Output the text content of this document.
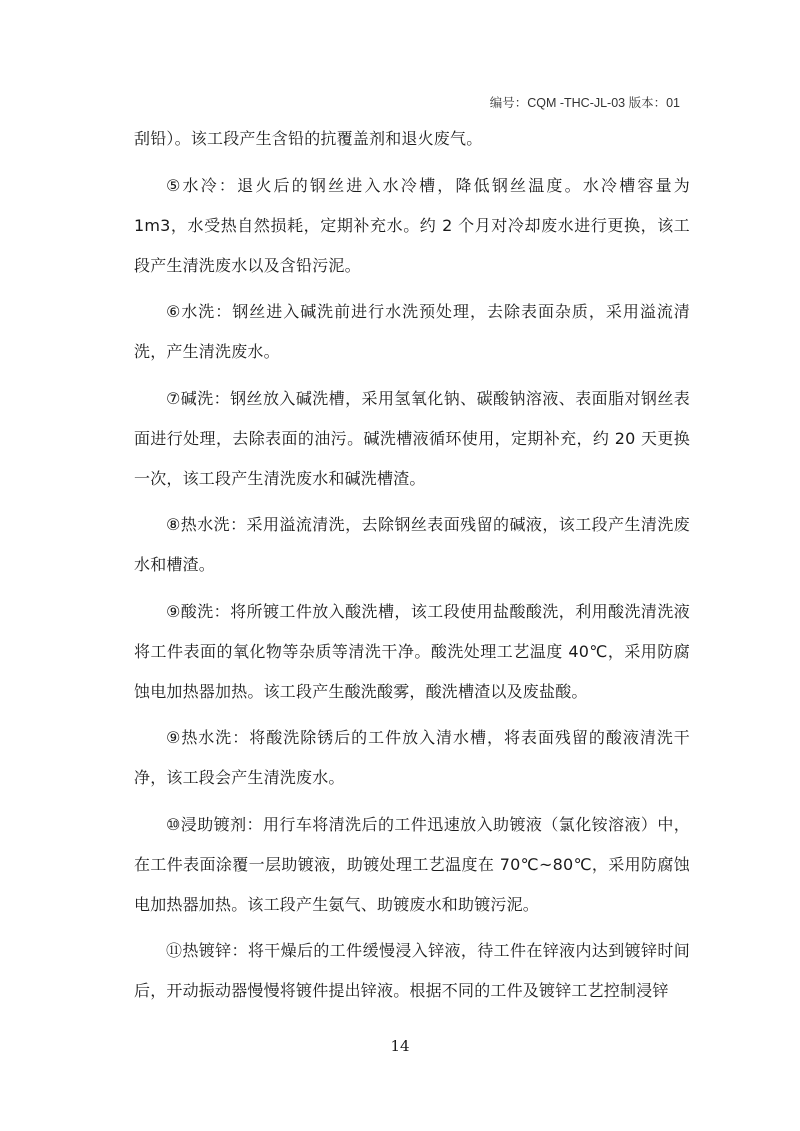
编号：CQM -THC-JL-03 版本：01

刮铅）。该工段产生含铅的抗覆盖剂和退火废气。

⑤水冷：退火后的钢丝进入水冷槽，降低钢丝温度。水冷槽容量为 1m3，水受热自然损耗，定期补充水。约 2 个月对冷却废水进行更换，该工段产生清洗废水以及含铅污泥。

⑥水洗：钢丝进入碱洗前进行水洗预处理，去除表面杂质，采用溢流清洗，产生清洗废水。

⑦碱洗：钢丝放入碱洗槽，采用氢氧化钠、碳酸钠溶液、表面脂对钢丝表面进行处理，去除表面的油污。碱洗槽液循环使用，定期补充，约 20 天更换一次，该工段产生清洗废水和碱洗槽渣。

⑧热水洗：采用溢流清洗，去除钢丝表面残留的碱液，该工段产生清洗废水和槽渣。

⑨酸洗：将所镀工件放入酸洗槽，该工段使用盐酸酸洗，利用酸洗清洗液将工件表面的氧化物等杂质等清洗干净。酸洗处理工艺温度 40℃，采用防腐蚀电加热器加热。该工段产生酸洗酸雾，酸洗槽渣以及废盐酸。

⑨热水洗：将酸洗除锈后的工件放入清水槽，将表面残留的酸液清洗干净，该工段会产生清洗废水。

⑩浸助镀剂：用行车将清洗后的工件迅速放入助镀液（氯化铵溶液）中，在工件表面涂覆一层助镀液，助镀处理工艺温度在 70℃~80℃，采用防腐蚀电加热器加热。该工段产生氨气、助镀废水和助镀污泥。

⑪热镀锌：将干燥后的工件缓慢浸入锌液，待工件在锌液内达到镀锌时间后，开动振动器慢慢将镀件提出锌液。根据不同的工件及镀锌工艺控制浸锌

14
